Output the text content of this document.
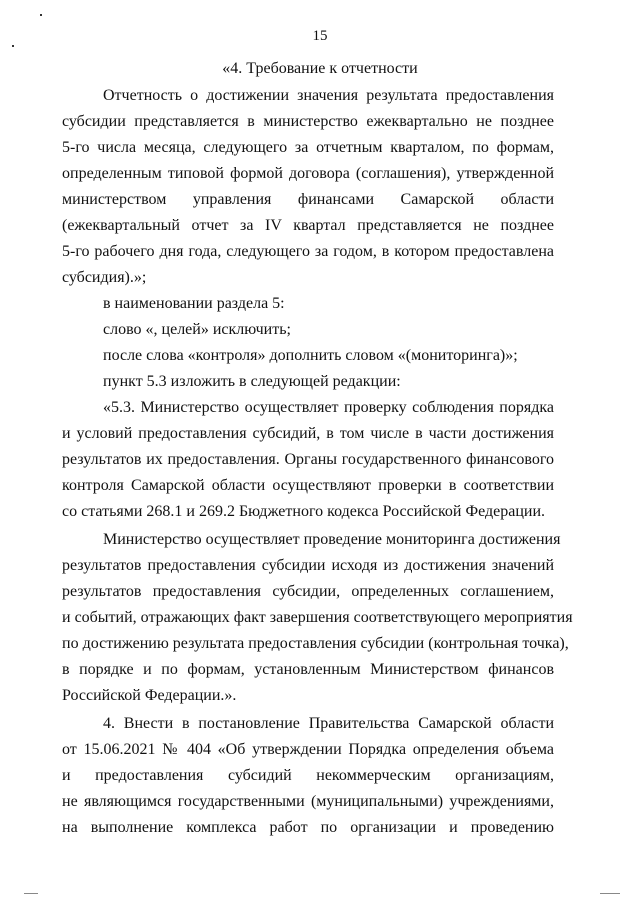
15
«4. Требование к отчетности
Отчетность о достижении значения результата предоставления
субсидии представляется в министерство ежеквартально не позднее
5-го числа месяца, следующего за отчетным кварталом, по формам,
определенным типовой формой договора (соглашения), утвержденной
министерством управления финансами Самарской области
(ежеквартальный отчет за IV квартал представляется не позднее
5-го рабочего дня года, следующего за годом, в котором предоставлена
субсидия).»;
в наименовании раздела 5:
слово «, целей» исключить;
после слова «контроля» дополнить словом «(мониторинга)»;
пункт 5.3 изложить в следующей редакции:
«5.3. Министерство осуществляет проверку соблюдения порядка
и условий предоставления субсидий, в том числе в части достижения
результатов их предоставления. Органы государственного финансового
контроля Самарской области осуществляют проверки в соответствии
со статьями 268.1 и 269.2 Бюджетного кодекса Российской Федерации.
Министерство осуществляет проведение мониторинга достижения
результатов предоставления субсидии исходя из достижения значений
результатов предоставления субсидии, определенных соглашением,
и событий, отражающих факт завершения соответствующего мероприятия
по достижению результата предоставления субсидии (контрольная точка),
в порядке и по формам, установленным Министерством финансов
Российской Федерации.».
4. Внести в постановление Правительства Самарской области
от 15.06.2021 № 404 «Об утверждении Порядка определения объема
и предоставления субсидий некоммерческим организациям,
не являющимся государственными (муниципальными) учреждениями,
на выполнение комплекса работ по организации и проведению
